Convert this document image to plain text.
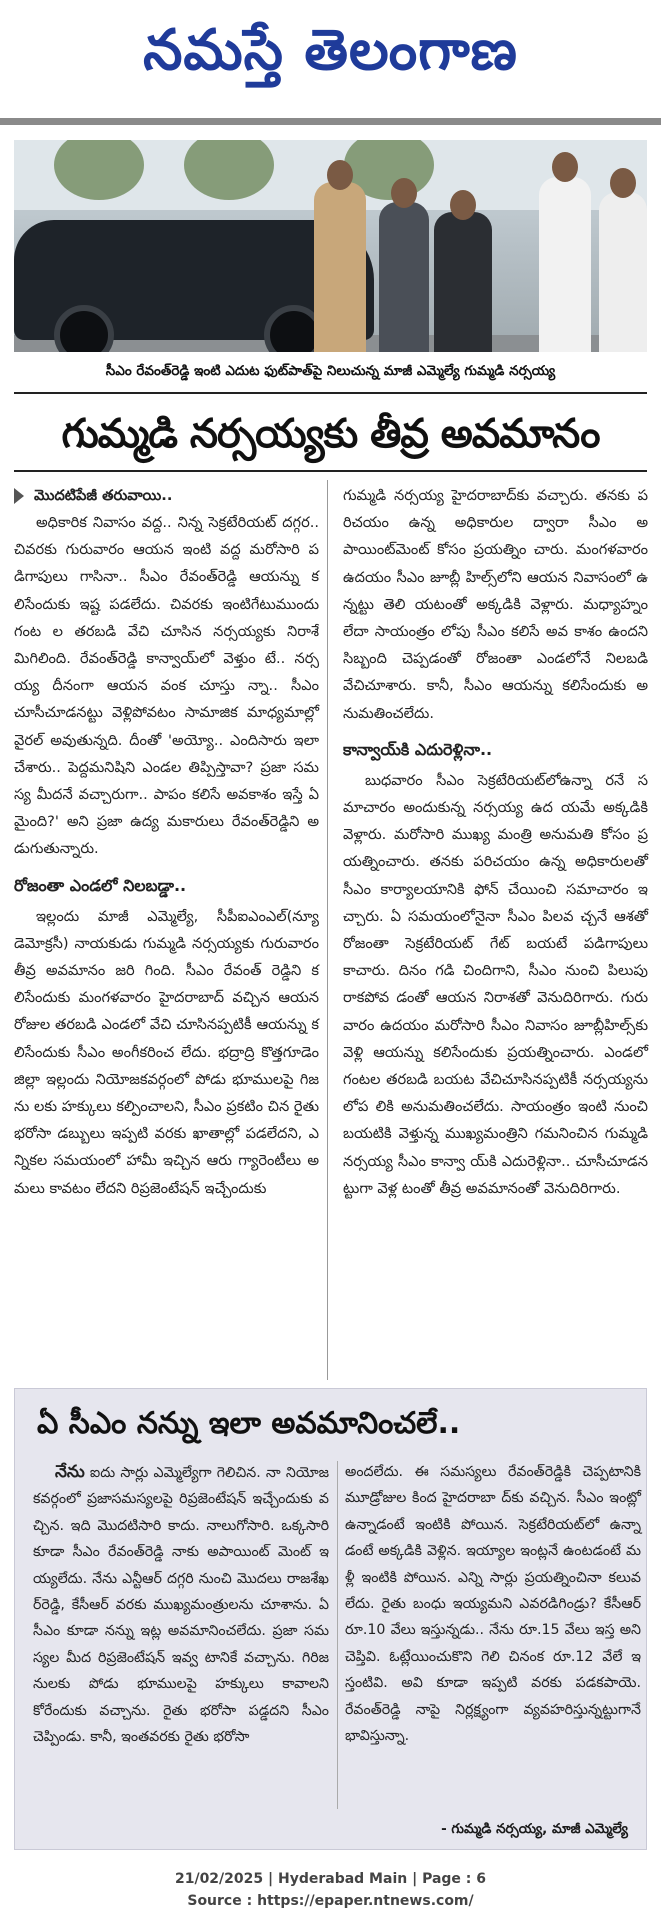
నమస్తే తెలంగాణ
సీఎం రేవంత్‌రెడ్డి ఇంటి ఎదుట ఫుట్‌పాత్‌పై నిలుచున్న మాజీ ఎమ్మెల్యే గుమ్మడి నర్సయ్య
గుమ్మడి నర్సయ్యకు తీవ్ర అవమానం
మొదటిపేజీ తరువాయి..

అధికారిక నివాసం వద్ద.. నిన్న సెక్రటేరియట్ దగ్గర.. చివరకు గురువారం ఆయన ఇంటి వద్ద మరోసారి పడిగాపులు గాసినా.. సీఎం రేవంత్‌రెడ్డి ఆయన్ను కలిసేందుకు ఇష్ట పడలేదు. చివరకు ఇంటిగేటుముందు గంట ల తరబడి వేచి చూసిన నర్సయ్యకు నిరాశే మిగిలింది. రేవంత్‌రెడ్డి కాన్వాయ్‌లో వెళ్తుం టే.. నర్సయ్య దీనంగా ఆయన వంక చూస్తు న్నా.. సీఎం చూసీచూడనట్టు వెళ్లిపోవటం సామాజిక మాధ్యమాల్లో వైరల్ అవుతున్నది. దీంతో 'అయ్యో.. ఎందిసారు ఇలా చేశారు.. పెద్దమనిషిని ఎండల తిప్పిస్తావా? ప్రజా సమస్య మీదనే వచ్చారుగా.. పాపం కలిసే అవకాశం ఇస్తే ఏమైంది?' అని ప్రజా ఉద్య మకారులు రేవంత్‌రెడ్డిని అడుగుతున్నారు.

రోజంతా ఎండలో నిలబడ్డా..

ఇల్లందు మాజీ ఎమ్మెల్యే, సీపీఐఎంఎల్(న్యూ డెమోక్రసీ) నాయకుడు గుమ్మడి నర్సయ్యకు గురువారం తీవ్ర అవమానం జరి గింది. సీఎం రేవంత్ రెడ్డిని కలిసేందుకు మంగళవారం హైదరాబాద్ వచ్చిన ఆయన రోజుల తరబడి ఎండలో వేచి చూసినప్పటికీ ఆయన్ను కలిసేందుకు సీఎం అంగీకరించ లేదు. భద్రాద్రి కొత్తగూడెం జిల్లా ఇల్లందు నియోజకవర్గంలో పోడు భూములపై గిజను లకు హక్కులు కల్పించాలని, సీఎం ప్రకటిం చిన రైతు భరోసా డబ్బులు ఇప్పటి వరకు ఖాతాల్లో పడలేదని, ఎన్నికల సమయంలో హామీ ఇచ్చిన ఆరు గ్యారెంటీలు అమలు కావటం లేదని రిప్రజెంటేషన్ ఇచ్చేందుకు

గుమ్మడి నర్సయ్య హైదరాబాద్‌కు వచ్చారు. తనకు పరిచయం ఉన్న అధికారుల ద్వారా సీఎం అపాయింట్‌మెంట్ కోసం ప్రయత్నిం చారు. మంగళవారం ఉదయం సీఎం జూబ్లీ హిల్స్‌లోని ఆయన నివాసంలో ఉన్నట్టు తెలి యటంతో అక్కడికి వెళ్లారు. మధ్యాహ్నం లేదా సాయంత్రం లోపు సీఎం కలిసే అవ కాశం ఉందని సిబ్బంది చెప్పడంతో రోజంతా ఎండలోనే నిలబడి వేచిచూశారు. కానీ, సీఎం ఆయన్ను కలిసేందుకు అనుమతించలేదు.

కాన్వాయ్‌కి ఎదురెళ్లినా..

బుధవారం సీఎం సెక్రటేరియట్‌లోఉన్నా రనే సమాచారం అందుకున్న నర్సయ్య ఉద యమే అక్కడికి వెళ్లారు. మరోసారి ముఖ్య మంత్రి అనుమతి కోసం ప్రయత్నించారు. తనకు పరిచయం ఉన్న అధికారులతో సీఎం కార్యాలయానికి ఫోన్ చేయించి సమాచారం ఇచ్చారు. ఏ సమయంలోనైనా సీఎం పిలవ చ్చనే ఆశతో రోజంతా సెక్రటేరియట్ గేట్ బయటే పడిగాపులు కాచారు. దినం గడి చిందిగాని, సీఎం నుంచి పిలుపు రాకపోవ డంతో ఆయన నిరాశతో వెనుదిరిగారు. గురు వారం ఉదయం మరోసారి సీఎం నివాసం జూబ్లీహిల్స్‌కు వెళ్లి ఆయన్ను కలిసేందుకు ప్రయత్నించారు. ఎండలో గంటల తరబడి బయట వేచిచూసినప్పటికీ నర్సయ్యను లోప లికి అనుమతించలేదు. సాయంత్రం ఇంటి నుంచి బయటికి వెళ్తున్న ముఖ్యమంత్రిని గమనించిన గుమ్మడి నర్సయ్య సీఎం కాన్వా య్‌కి ఎదురెళ్లినా.. చూసీచూడనట్టుగా వెళ్ల టంతో తీవ్ర అవమానంతో వెనుదిరిగారు.

ఏ సీఎం నన్ను ఇలా అవమానించలే..

నేను ఐదు సార్లు ఎమ్మెల్యేగా గెలిచిన. నా నియోజకవర్గంలో ప్రజాసమస్యలపై రిప్రజెంటేషన్ ఇచ్చేందుకు వచ్చిన. ఇది మొదటిసారి కాదు. నాలుగోసారి. ఒక్కసారి కూడా సీఎం రేవంత్‌రెడ్డి నాకు అపాయింట్ మెంట్ ఇయ్యలేదు. నేను ఎన్టీఆర్ దగ్గరి నుంచి మొదలు రాజశేఖర్‌రెడ్డి, కేసీఆర్ వరకు ముఖ్యమంత్రులను చూశాను. ఏ సీఎం కూడా నన్ను ఇట్ల అవమానించలేదు. ప్రజా సమస్యల మీద రిప్రజెంటేషన్ ఇవ్వ టానికే వచ్చాను. గిరిజనులకు పోడు భూములపై హక్కులు కావాలని కోరేందుకు వచ్చాను. రైతు భరోసా పడ్డదని సీఎం చెప్పిండు. కానీ, ఇంతవరకు రైతు భరోసా

అందలేదు. ఈ సమస్యలు రేవంత్‌రెడ్డికి చెప్పటానికి మూడ్రోజుల కింద హైదరాబా ద్‌కు వచ్చిన. సీఎం ఇంట్లో ఉన్నాడంటే ఇంటికి పోయిన. సెక్రటేరియట్‌లో ఉన్నా డంటే అక్కడికి వెళ్లిన. ఇయ్యాల ఇంట్లనే ఉంటడంటే మళ్లీ ఇంటికి పోయిన. ఎన్ని సార్లు ప్రయత్నించినా కలువలేదు. రైతు బంధు ఇయ్యమని ఎవరడిగిండ్రు? కేసీఆర్ రూ.10 వేలు ఇస్తున్నడు.. నేను రూ.15 వేలు ఇస్త అని చెప్తివి. ఓట్లేయించుకొని గెలి చినంక రూ.12 వేలే ఇస్తంటివి. అవి కూడా ఇప్పటి వరకు పడకపాయె. రేవంత్‌రెడ్డి నాపై నిర్లక్ష్యంగా వ్యవహరిస్తున్నట్టుగానే భావిస్తున్నా.

- గుమ్మడి నర్సయ్య, మాజీ ఎమ్మెల్యే
21/02/2025 | Hyderabad Main | Page : 6
Source : https://epaper.ntnews.com/
